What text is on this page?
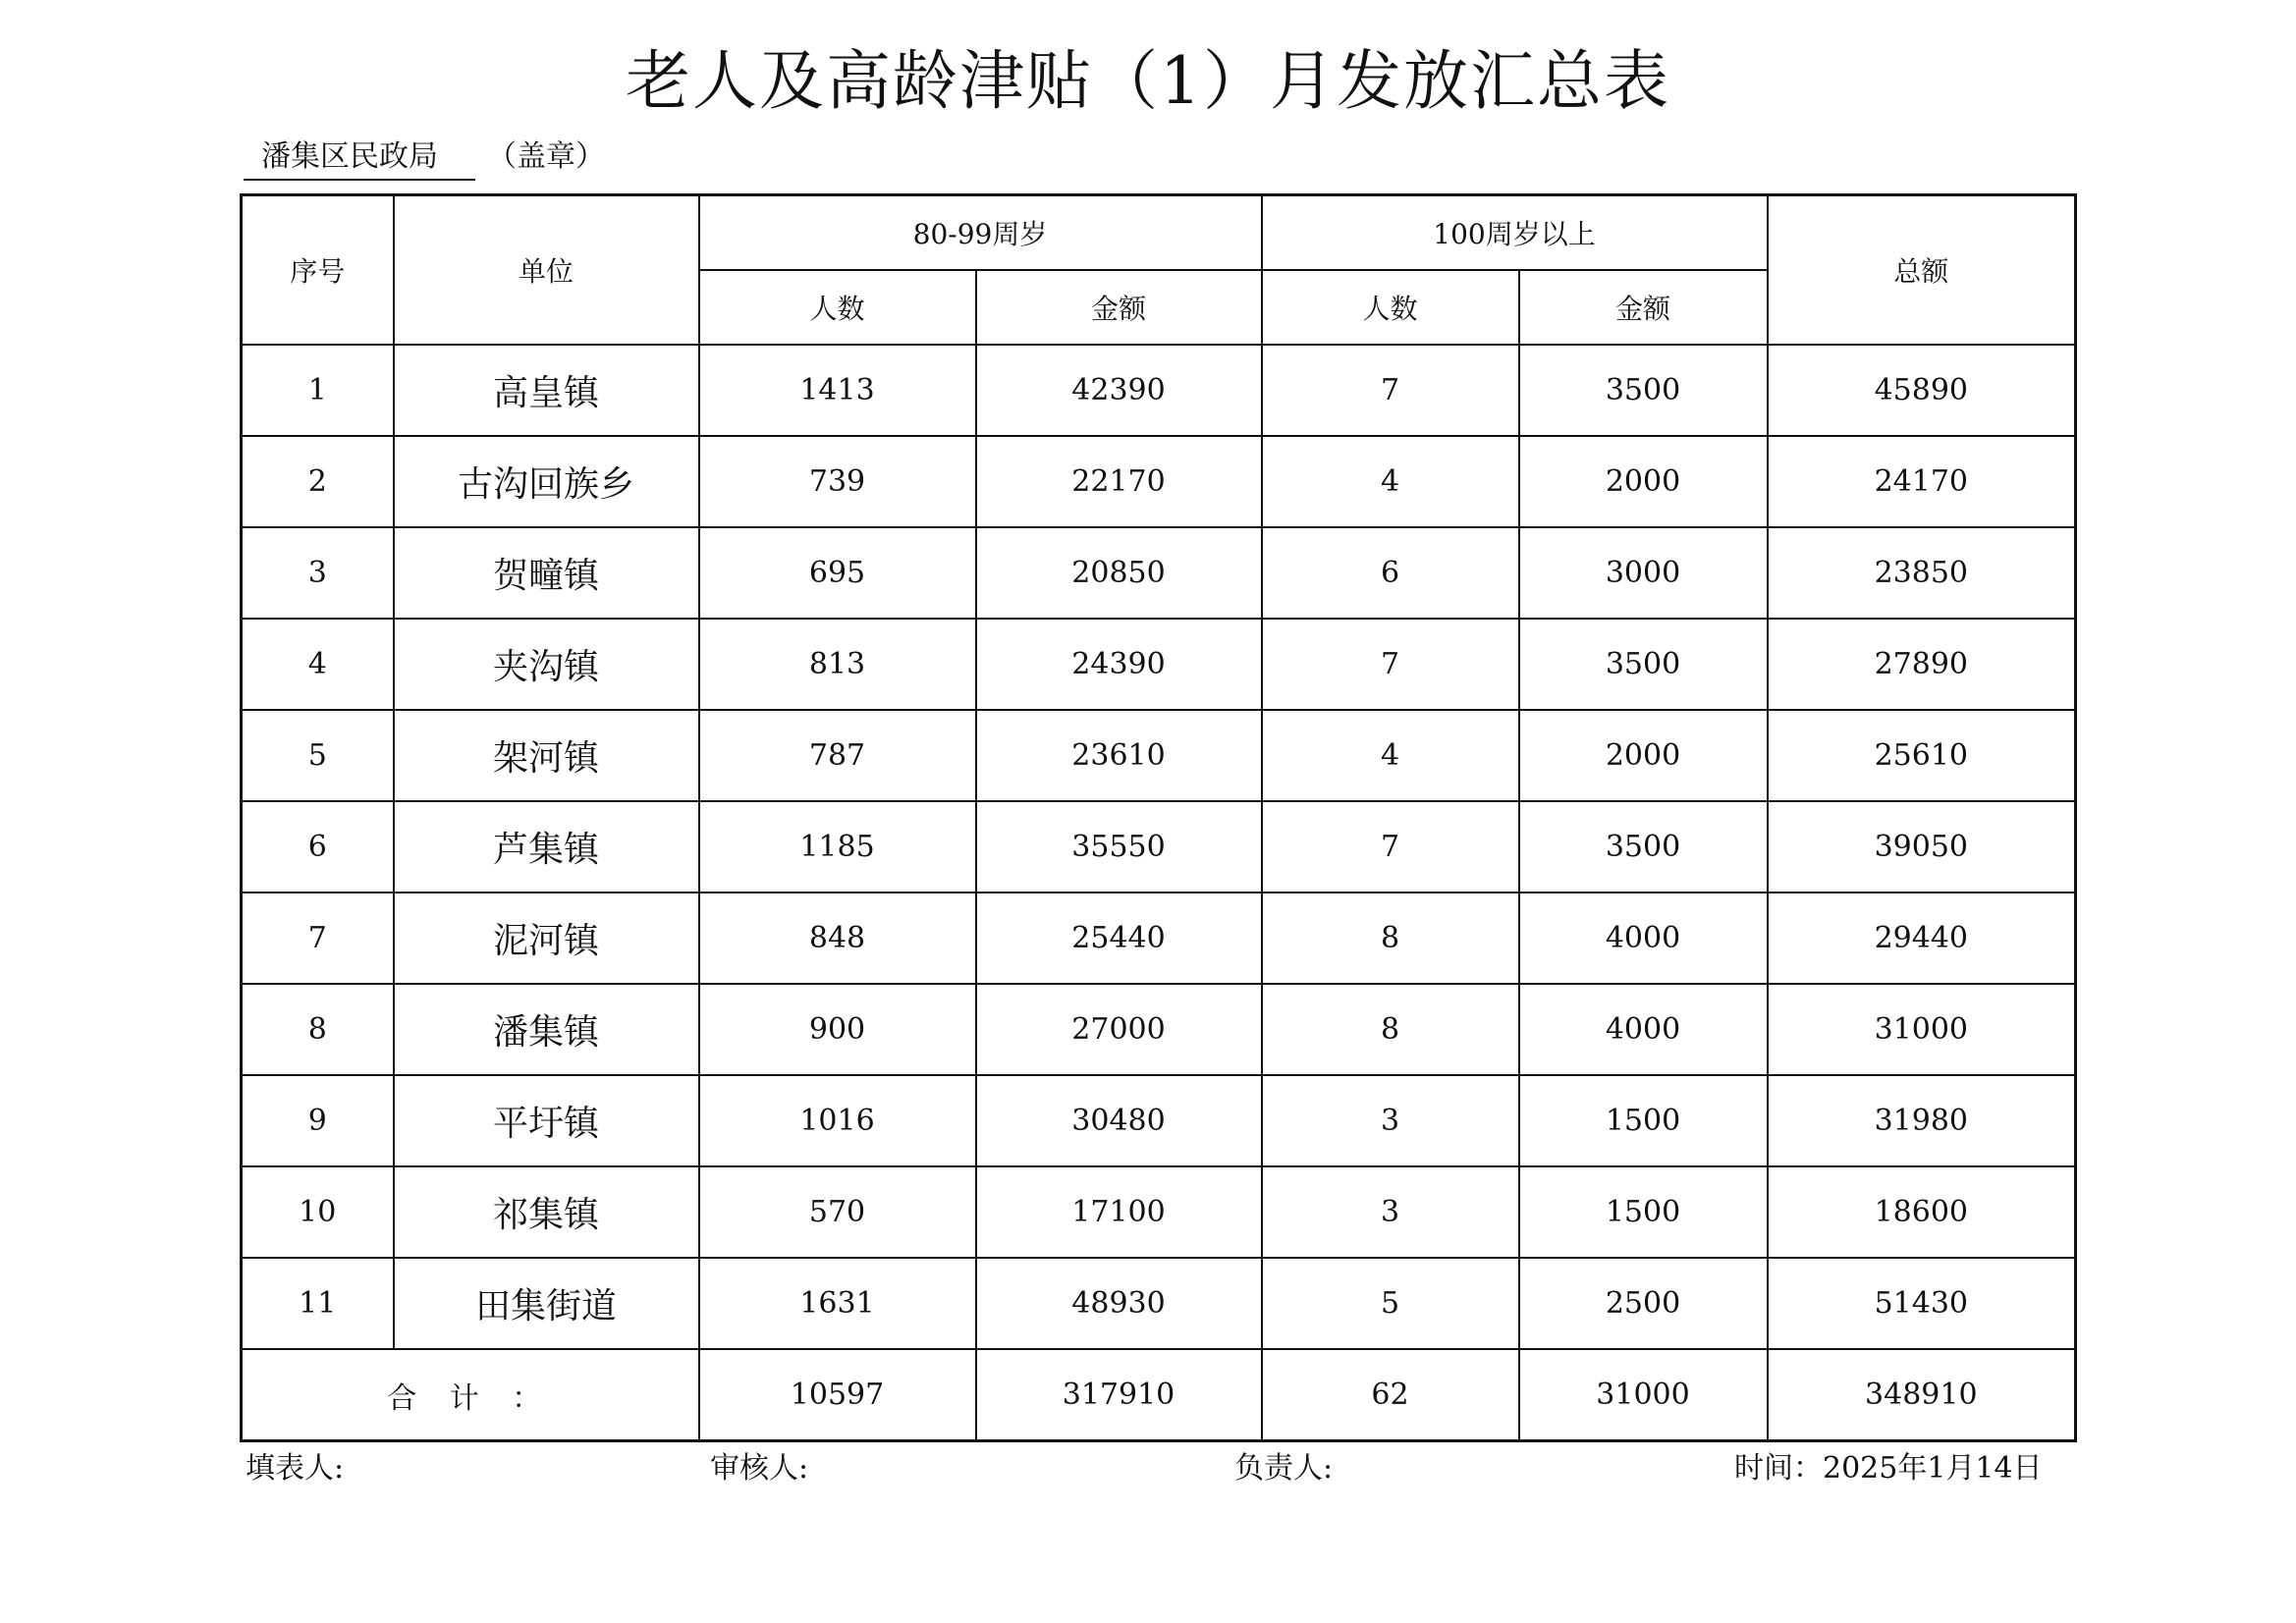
老人及高龄津贴（1）月发放汇总表
潘集区民政局 （盖章）
序号	单位	80-99周岁		100周岁以上		总额
		人数	金额	人数	金额	
1	高皇镇	1413	42390	7	3500	45890
2	古沟回族乡	739	22170	4	2000	24170
3	贺疃镇	695	20850	6	3000	23850
4	夹沟镇	813	24390	7	3500	27890
5	架河镇	787	23610	4	2000	25610
6	芦集镇	1185	35550	7	3500	39050
7	泥河镇	848	25440	8	4000	29440
8	潘集镇	900	27000	8	4000	31000
9	平圩镇	1016	30480	3	1500	31980
10	祁集镇	570	17100	3	1500	18600
11	田集街道	1631	48930	5	2500	51430
合 计 ：		10597	317910	62	31000	348910
填表人:	审核人:	负责人:	时间：2025年1月14日
